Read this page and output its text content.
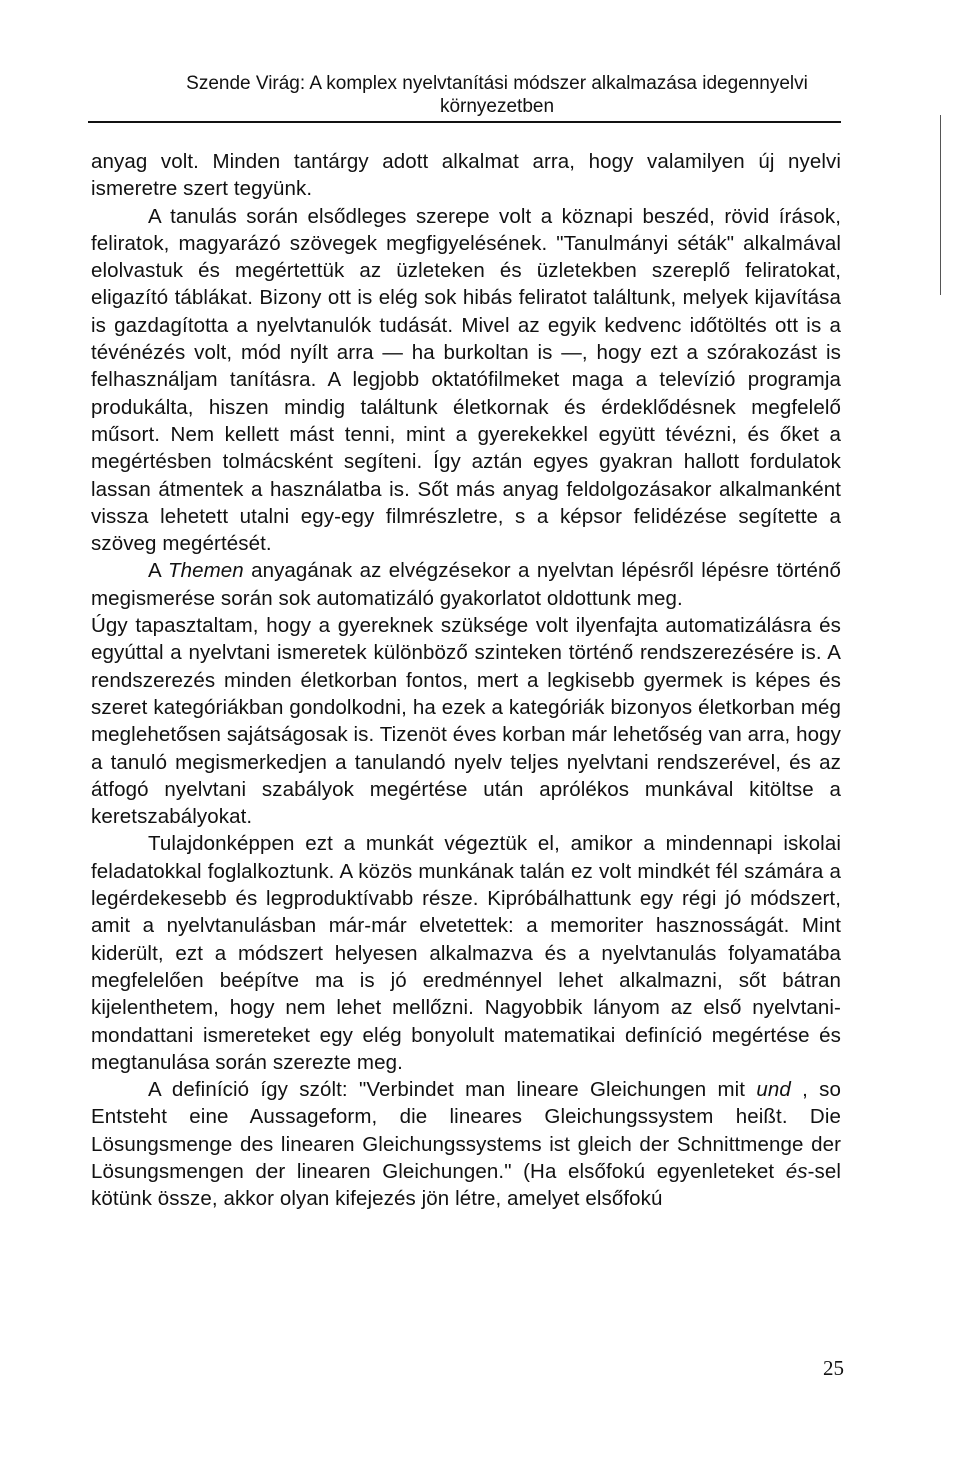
Szende Virág: A komplex nyelvtanítási módszer alkalmazása idegennyelvi
környezetben

anyag volt. Minden tantárgy adott alkalmat arra, hogy valamilyen új nyelvi ismeretre szert tegyünk.

A tanulás során elsődleges szerepe volt a köznapi beszéd, rövid írások, feliratok, magyarázó szövegek megfigyelésének. "Tanulmányi séták" alkalmával elolvastuk és megértettük az üzleteken és üzletekben szereplő feliratokat, eligazító táblákat. Bizony ott is elég sok hibás feliratot találtunk, melyek kijavítása is gazdagította a nyelvtanulók tudását. Mivel az egyik kedvenc időtöltés ott is a tévénézés volt, mód nyílt arra — ha burkoltan is —, hogy ezt a szórakozást is felhasználjam tanításra. A legjobb oktatófilmeket maga a televízió programja produkálta, hiszen mindig találtunk életkornak és érdeklődésnek megfelelő műsort. Nem kellett mást tenni, mint a gyerekekkel együtt tévézni, és őket a megértésben tolmácsként segíteni. Így aztán egyes gyakran hallott fordulatok lassan átmentek a használatba is. Sőt más anyag feldolgozásakor alkalmanként vissza lehetett utalni egy-egy filmrészletre, s a képsor felidézése segítette a szöveg megértését.

A Themen anyagának az elvégzésekor a nyelvtan lépésről lépésre történő megismerése során sok automatizáló gyakorlatot oldottunk meg.

Úgy tapasztaltam, hogy a gyereknek szüksége volt ilyenfajta automatizálásra és egyúttal a nyelvtani ismeretek különböző szinteken történő rendszerezésére is. A rendszerezés minden életkorban fontos, mert a legkisebb gyermek is képes és szeret kategóriákban gondolkodni, ha ezek a kategóriák bizonyos életkorban még meglehetősen sajátságosak is. Tizenöt éves korban már lehetőség van arra, hogy a tanuló megismerkedjen a tanulandó nyelv teljes nyelvtani rendszerével, és az átfogó nyelvtani szabályok megértése után aprólékos munkával kitöltse a keretszabályokat.

Tulajdonképpen ezt a munkát végeztük el, amikor a mindennapi iskolai feladatokkal foglalkoztunk. A közös munkának talán ez volt mindkét fél számára a legérdekesebb és legproduktívabb része. Kipróbálhattunk egy régi jó módszert, amit a nyelvtanulásban már-már elvetettek: a memoriter hasznosságát. Mint kiderült, ezt a módszert helyesen alkalmazva és a nyelvtanulás folyamatába megfelelően beépítve ma is jó eredménnyel lehet alkalmazni, sőt bátran kijelenthetem, hogy nem lehet mellőzni. Nagyobbik lányom az első nyelvtani-mondattani ismereteket egy elég bonyolult matematikai definíció megértése és megtanulása során szerezte meg.

A definíció így szólt: "Verbindet man lineare Gleichungen mit und , so Entsteht eine Aussageform, die lineares Gleichungssystem heißt. Die Lösungsmenge des linearen Gleichungssystems ist gleich der Schnittmenge der Lösungsmengen der linearen Gleichungen." (Ha elsőfokú egyenleteket és-sel kötünk össze, akkor olyan kifejezés jön létre, amelyet elsőfokú

25
